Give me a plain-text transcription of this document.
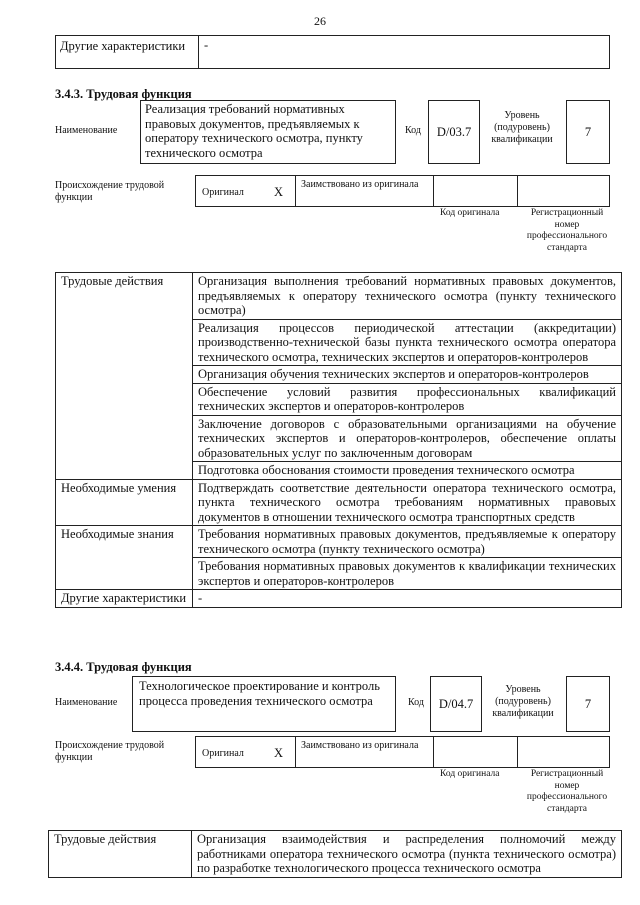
26
Другие характеристики	-
3.4.3. Трудовая функция
Наименование
Реализация требований нормативных правовых документов, предъявляемых к оператору технического осмотра, пункту технического осмотра
Код	D/03.7
Уровень (подуровень) квалификации
7
Происхождение трудовой функции	Оригинал X
Заимствовано из оригинала
Код оригинала	Регистрационный номер профессионального стандарта
Трудовые действия	Организация выполнения требований нормативных правовых документов, предъявляемых к оператору технического осмотра (пункту технического осмотра)
	Реализация процессов периодической аттестации (аккредитации) производственно-технической базы пункта технического осмотра оператора технического осмотра, технических экспертов и операторов-контролеров
	Организация обучения технических экспертов и операторов-контролеров
	Обеспечение условий развития профессиональных квалификаций технических экспертов и операторов-контролеров
	Заключение договоров с образовательными организациями на обучение технических экспертов и операторов-контролеров, обеспечение оплаты образовательных услуг по заключенным договорам
	Подготовка обоснования стоимости проведения технического осмотра
Необходимые умения	Подтверждать соответствие деятельности оператора технического осмотра, пункта технического осмотра требованиям нормативных правовых документов в отношении технического осмотра транспортных средств
Необходимые знания	Требования нормативных правовых документов, предъявляемые к оператору технического осмотра (пункту технического осмотра)
	Требования нормативных правовых документов к квалификации технических экспертов и операторов-контролеров
Другие характеристики	-
3.4.4. Трудовая функция
Наименование
Технологическое проектирование и контроль процесса проведения технического осмотра	Код	D/04.7
Уровень (подуровень) квалификации
7
Происхождение трудовой функции	Оригинал X
Заимствовано из оригинала
Код оригинала	Регистрационный номер профессионального стандарта
Трудовые действия	Организация взаимодействия и распределения полномочий между работниками оператора технического осмотра (пункта технического осмотра) по разработке технологического процесса технического осмотра
